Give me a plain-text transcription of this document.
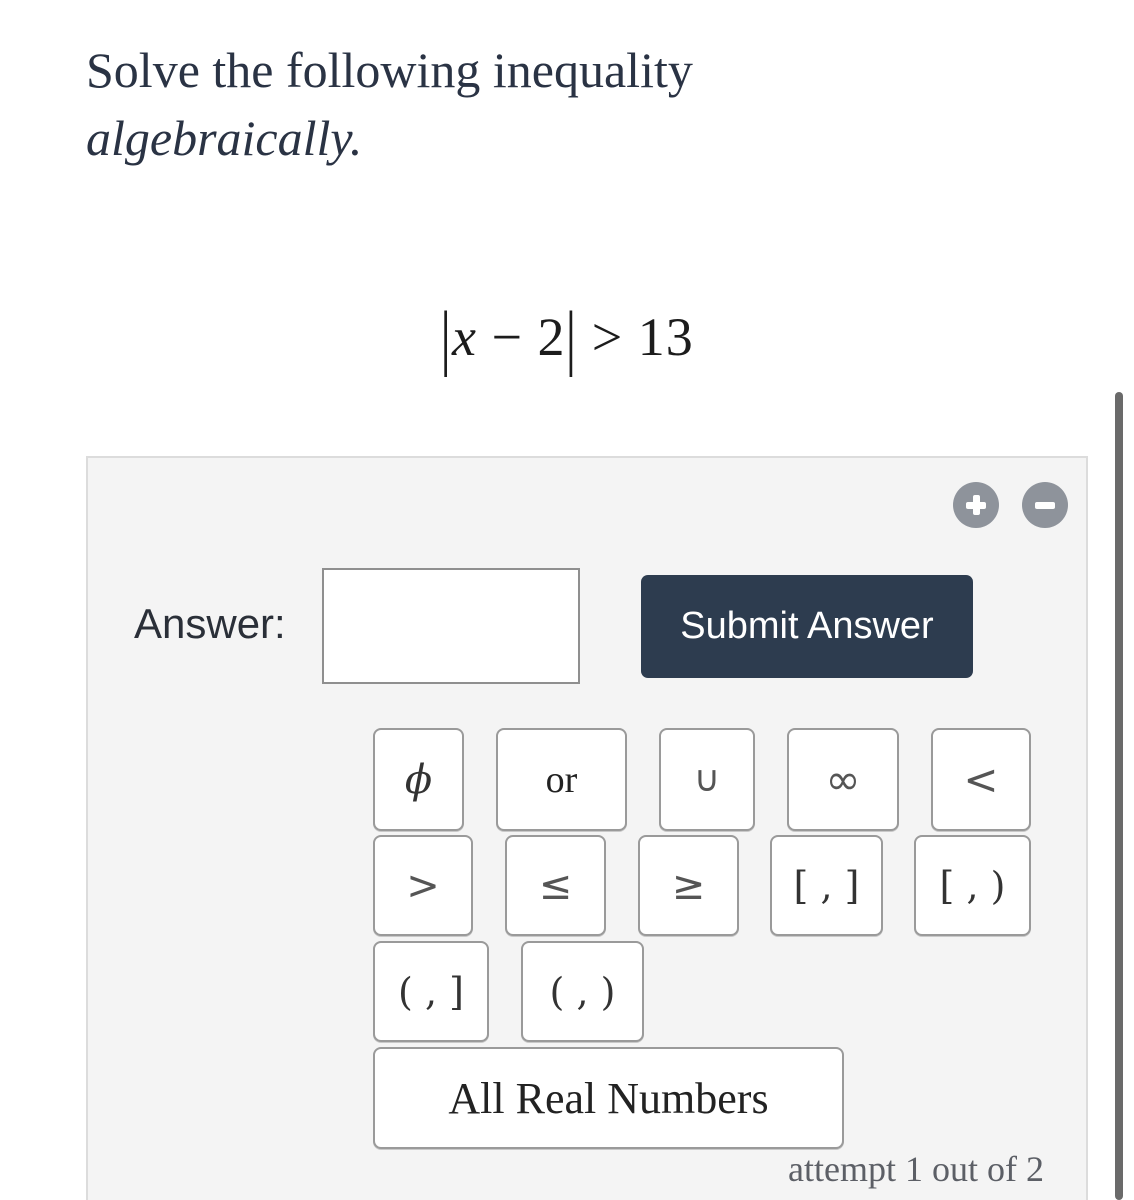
Solve the following inequality
algebraically.
|x − 2| > 13
Answer:	Submit Answer
ϕ	or	∪	∞	<
>	≤	≥	[ , ]	[ , )
( , ]	( , )
All Real Numbers
attempt 1 out of 2
